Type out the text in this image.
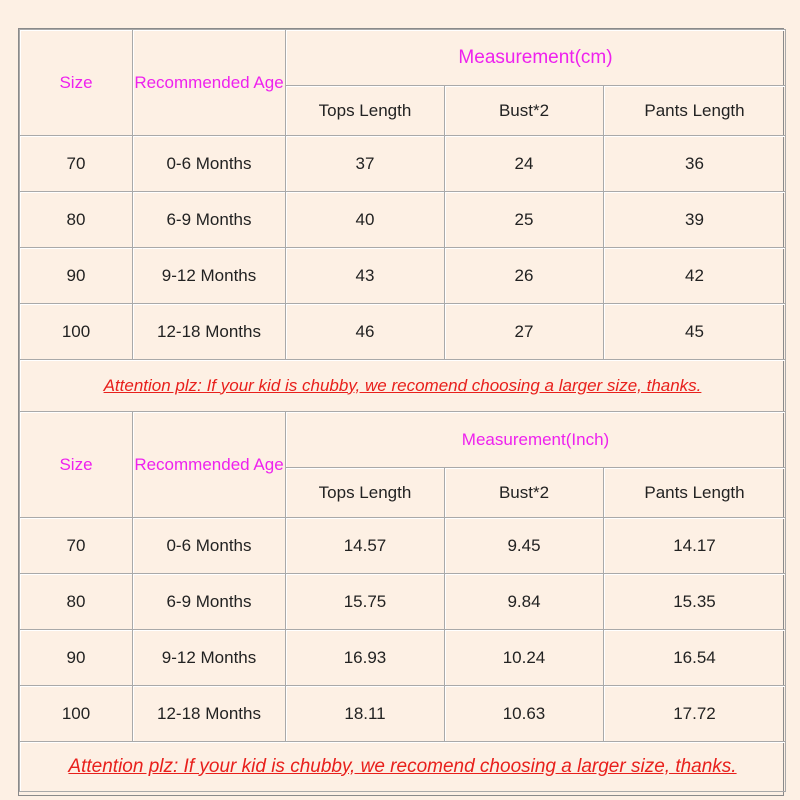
Size	Recommended Age	Measurement(cm)		
		Tops Length	Bust*2	Pants Length
70	0-6 Months	37	24	36
80	6-9 Months	40	25	39
90	9-12 Months	43	26	42
100	12-18 Months	46	27	45
Attention plz: If your kid is chubby, we recomend choosing a larger size, thanks.				
Size	Recommended Age	Measurement(Inch)		
		Tops Length	Bust*2	Pants Length
70	0-6 Months	14.57	9.45	14.17
80	6-9 Months	15.75	9.84	15.35
90	9-12 Months	16.93	10.24	16.54
100	12-18 Months	18.11	10.63	17.72
Attention plz: If your kid is chubby, we recomend choosing a larger size, thanks.				
